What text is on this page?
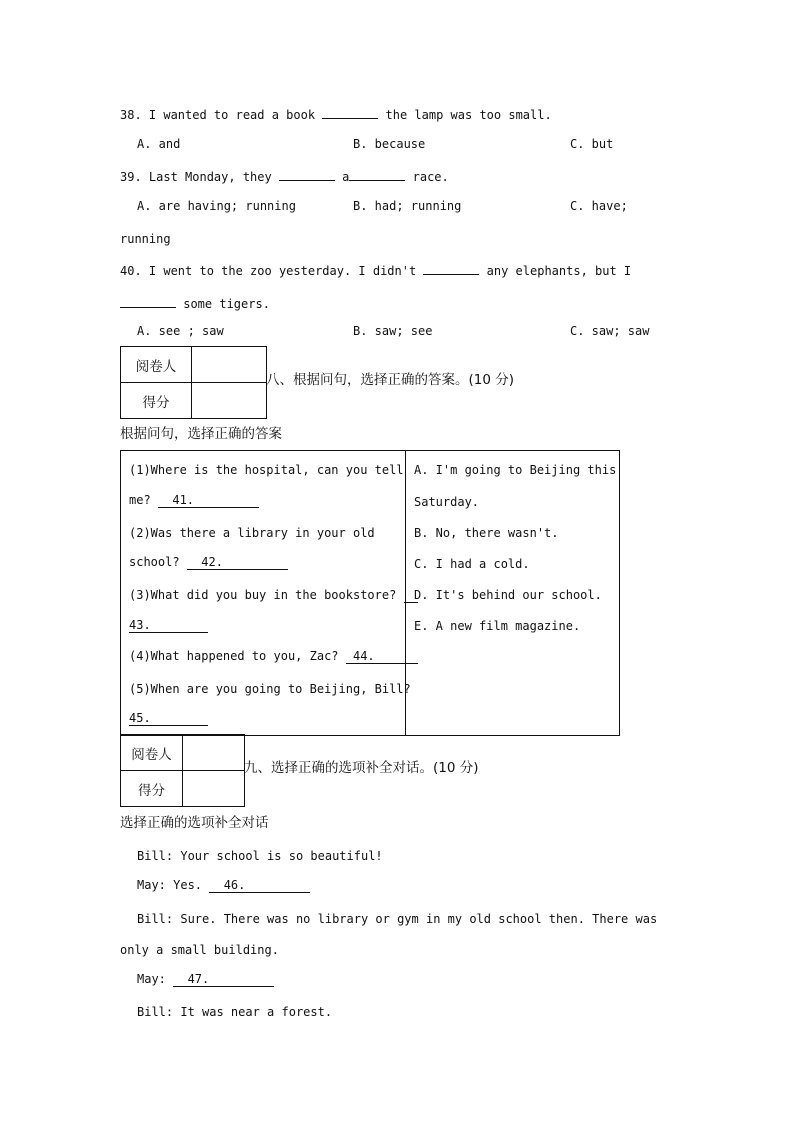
38. I wanted to read a book	the lamp was too small.
A. and	B. because	C. but
39. Last Monday, they	a	race.
A. are having; running	B. had; running	C. have;
running
40. I went to the zoo yesterday. I didn't	any elephants, but I
some tigers.
A. see ; saw	B. saw; see	C. saw; saw
阅卷人	
得分	
八、根据问句，选择正确的答案。(10 分)
根据问句，选择正确的答案
(1)Where is the hospital, can you tell
me?   41.
(2)Was there a library in your old
school?   42.
(3)What did you buy in the bookstore?
43.
(4)What happened to you, Zac?  44.
(5)When are you going to Beijing, Bill?
45.
A. I'm going to Beijing this
Saturday.
B. No, there wasn't.
C. I had a cold.
D. It's behind our school.
E. A new film magazine.
阅卷人	
得分	
九、选择正确的选项补全对话。(10 分)
选择正确的选项补全对话
Bill: Your school is so beautiful!
May: Yes.   46.
Bill: Sure. There was no library or gym in my old school then. There was
only a small building.
May:   47.
Bill: It was near a forest.
